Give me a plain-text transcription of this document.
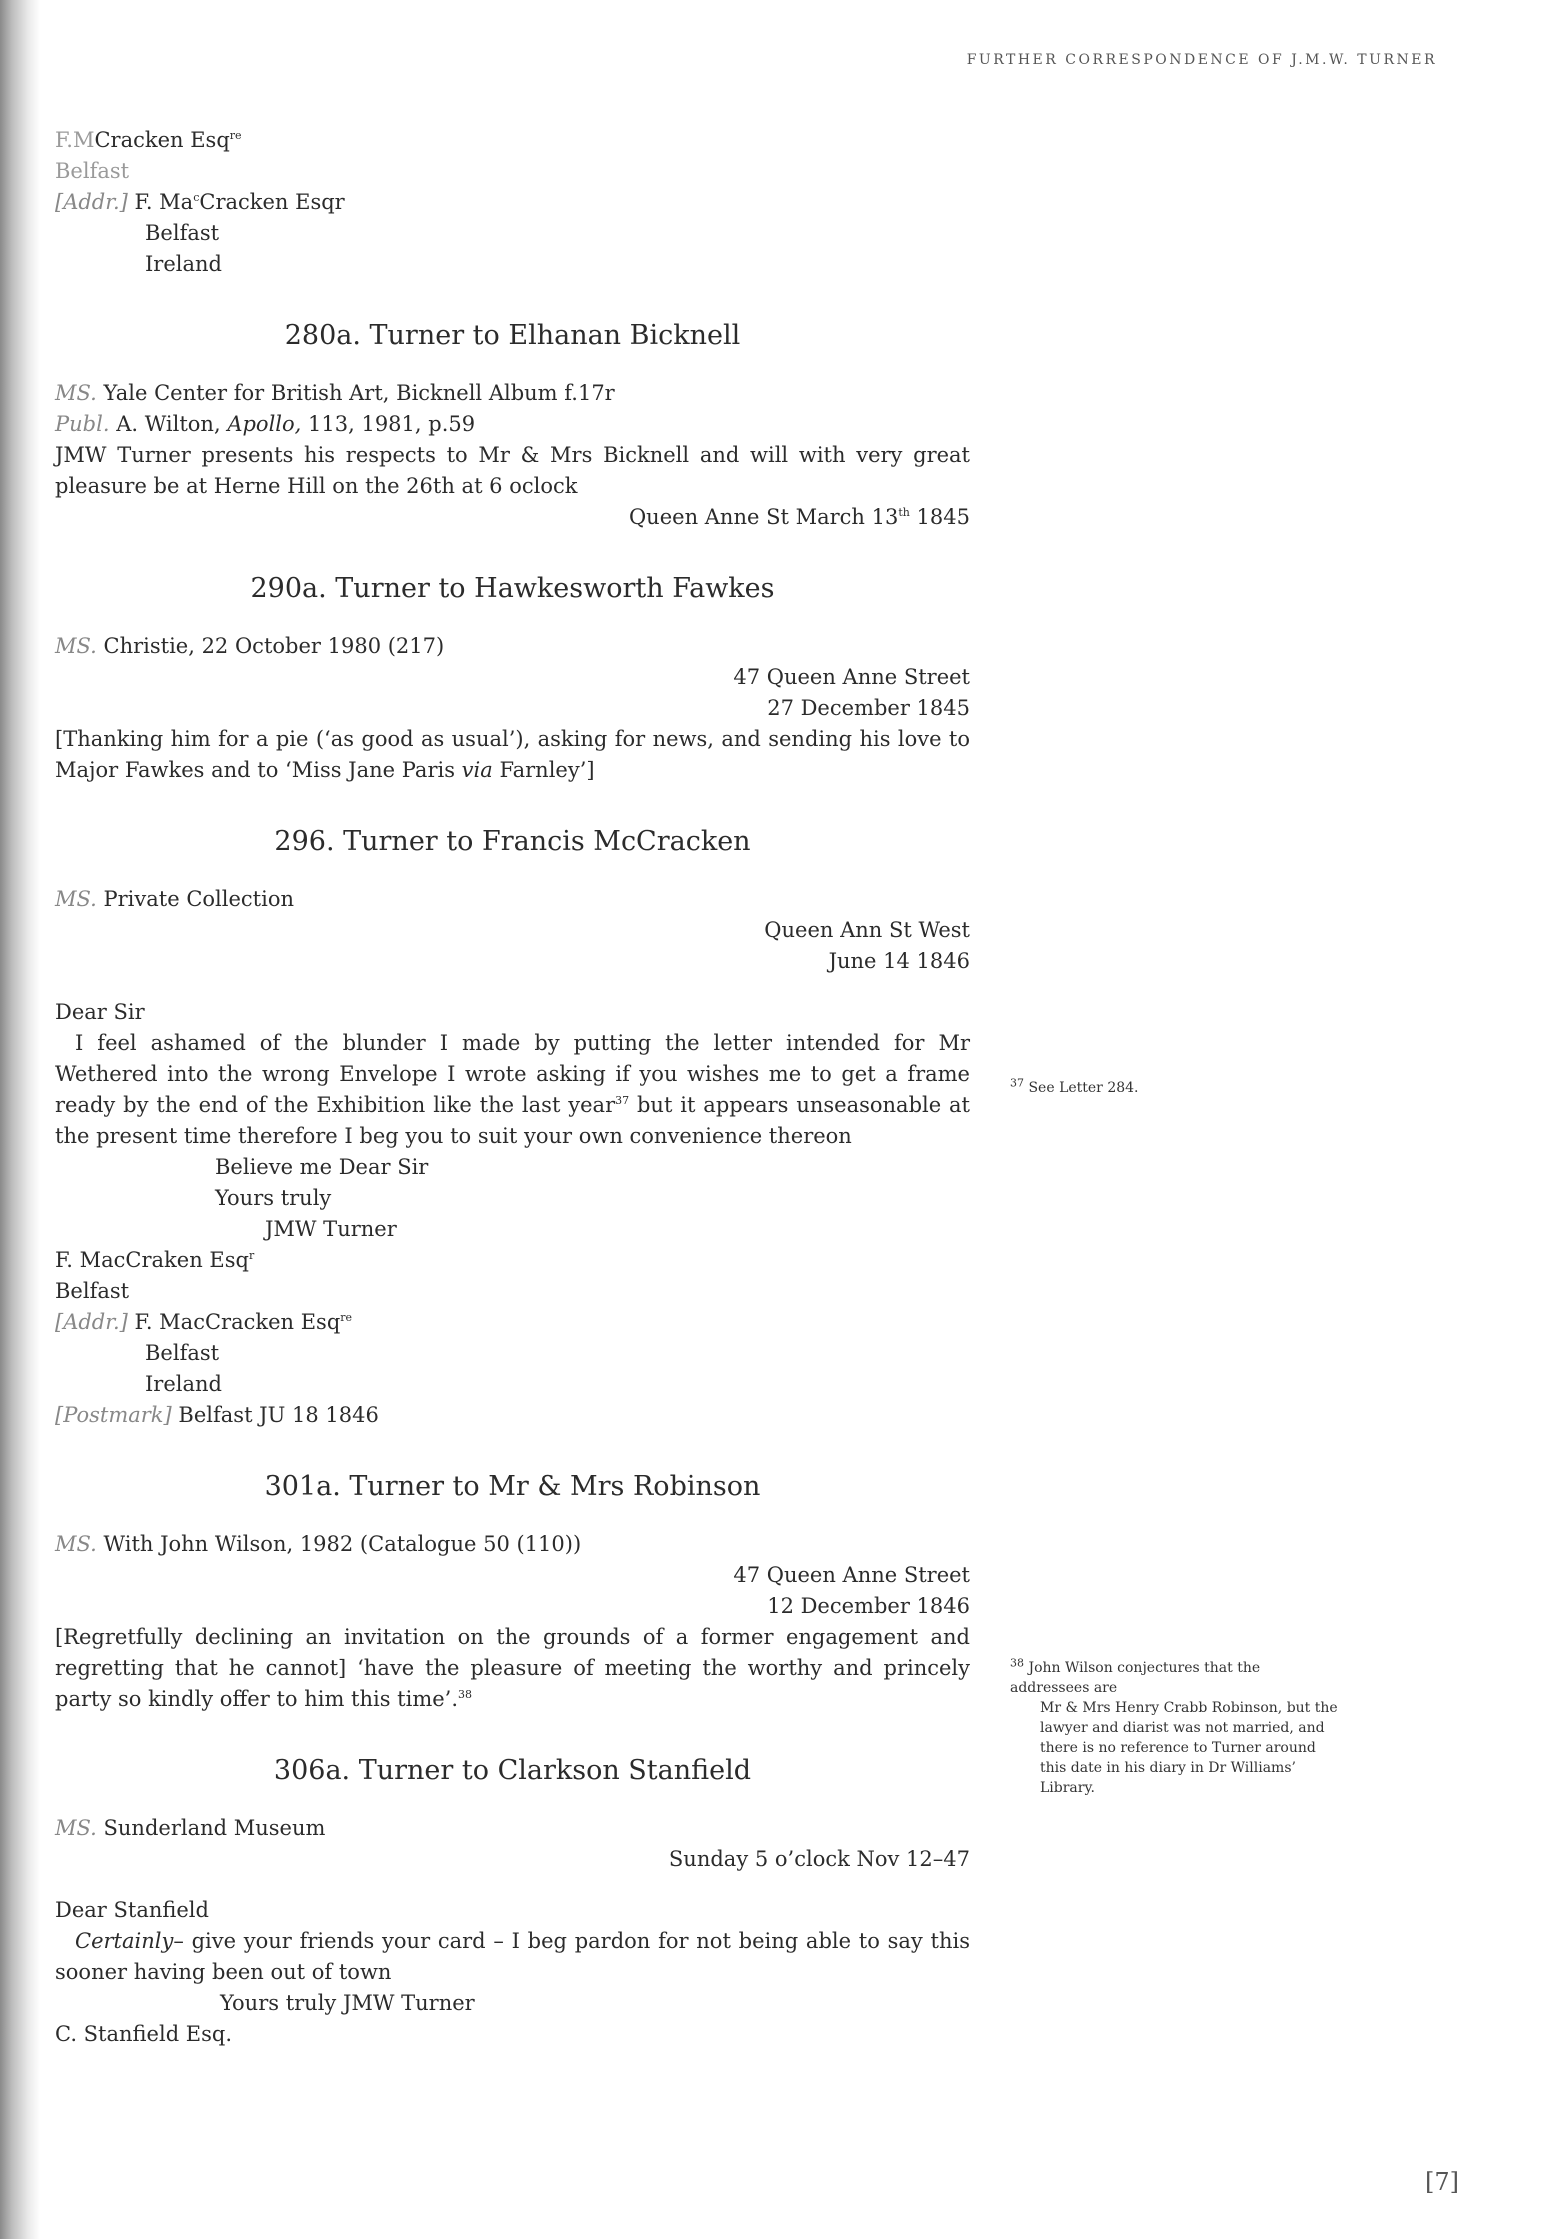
FURTHER CORRESPONDENCE OF J.M.W. TURNER

F.MCracken Esq$^{re}$

Belfast

[Addr.] F. Ma$^c$Cracken Esqr

Belfast

Ireland

280a. Turner to Elhanan Bicknell

MS. Yale Center for British Art, Bicknell Album f.17r

Publ. A. Wilton, Apollo, 113, 1981, p.59

JMW Turner presents his respects to Mr & Mrs Bicknell and will with very great pleasure be at Herne Hill on the 26th at 6 oclock

Queen Anne St March 13th 1845

290a. Turner to Hawkesworth Fawkes

MS. Christie, 22 October 1980 (217)

47 Queen Anne Street

27 December 1845

[Thanking him for a pie (‘as good as usual’), asking for news, and sending his love to Major Fawkes and to ‘Miss Jane Paris via Farnley’]

296. Turner to Francis McCracken

MS. Private Collection

Queen Ann St West

June 14 1846

Dear Sir

I feel ashamed of the blunder I made by putting the letter intended for Mr Wethered into the wrong Envelope I wrote asking if you wishes me to get a frame ready by the end of the Exhibition like the last year$^{37}$ but it appears unseasonable at the present time therefore I beg you to suit your own convenience thereon

Believe me Dear Sir

Yours truly

JMW Turner

F. MacCraken Esq$^r$

Belfast

[Addr.] F. MacCracken Esq$^{re}$

Belfast

Ireland

[Postmark] Belfast JU 18 1846

301a. Turner to Mr & Mrs Robinson

MS. With John Wilson, 1982 (Catalogue 50 (110))

47 Queen Anne Street

12 December 1846

[Regretfully declining an invitation on the grounds of a former engagement and regretting that he cannot] ‘have the pleasure of meeting the worthy and princely party so kindly offer to him this time’.$^{38}$

306a. Turner to Clarkson Stanfield

MS. Sunderland Museum

Sunday 5 o’clock Nov 12–47

Dear Stanfield

Certainly– give your friends your card – I beg pardon for not being able to say this sooner having been out of town

Yours truly JMW Turner

C. Stanfield Esq.

$^{37}$ See Letter 284.
$^{38}$ John Wilson conjectures that the addressees are
Mr & Mrs Henry Crabb Robinson, but the lawyer and diarist was not married, and there is no reference to Turner around this date in his diary in Dr Williams’ Library.
[7]
